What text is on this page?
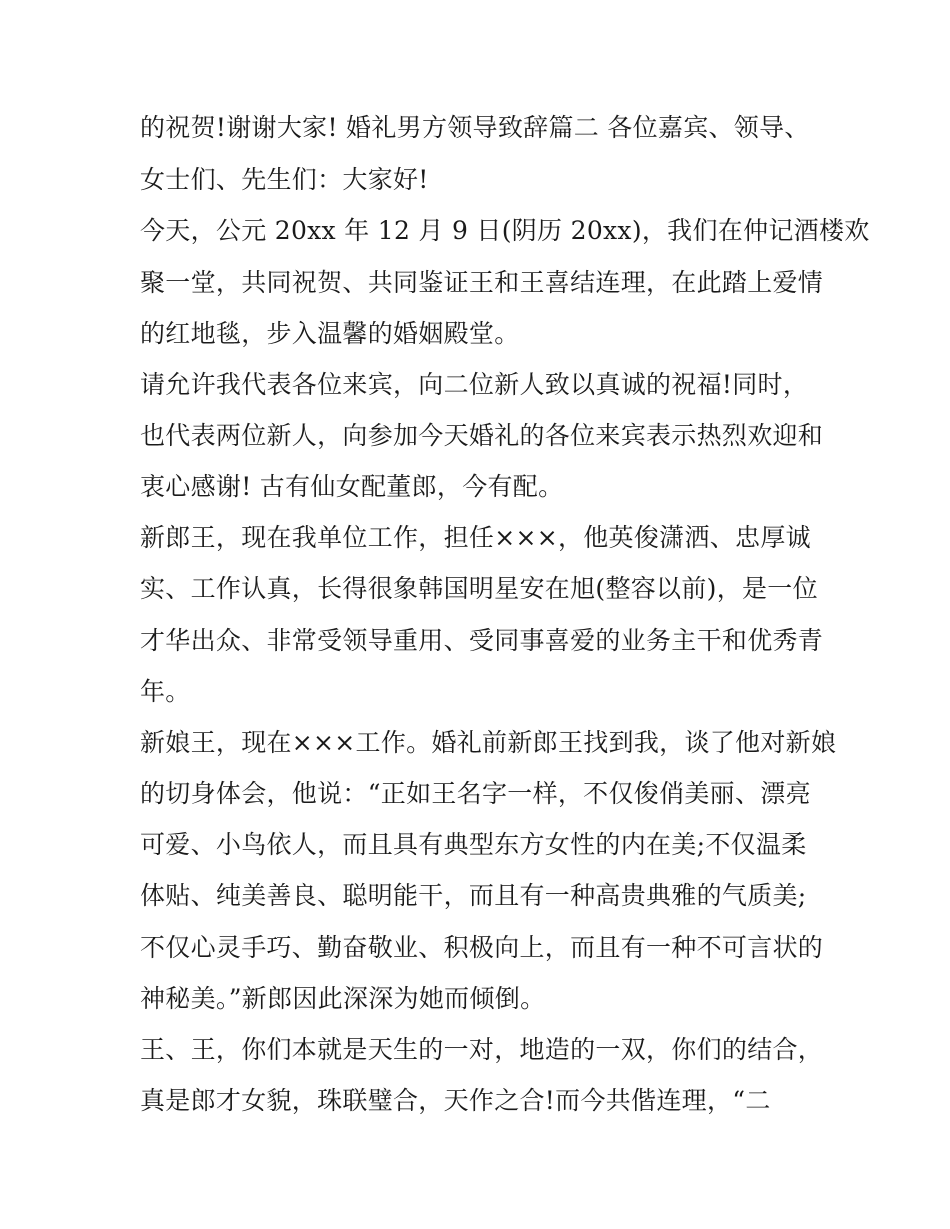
的祝贺!谢谢大家! 婚礼男方领导致辞篇二 各位嘉宾、领导、
女士们、先生们：大家好!
今天，公元 20xx 年 12 月 9 日(阴历 20xx)，我们在仲记酒楼欢
聚一堂，共同祝贺、共同鉴证王和王喜结连理，在此踏上爱情
的红地毯，步入温馨的婚姻殿堂。
请允许我代表各位来宾，向二位新人致以真诚的祝福!同时，
也代表两位新人，向参加今天婚礼的各位来宾表示热烈欢迎和
衷心感谢! 古有仙女配董郎，今有配。
新郎王，现在我单位工作，担任×××，他英俊潇洒、忠厚诚
实、工作认真，长得很象韩国明星安在旭(整容以前)，是一位
才华出众、非常受领导重用、受同事喜爱的业务主干和优秀青
年。
新娘王，现在×××工作。婚礼前新郎王找到我，谈了他对新娘
的切身体会，他说：“正如王名字一样，不仅俊俏美丽、漂亮
可爱、小鸟依人，而且具有典型东方女性的内在美;不仅温柔
体贴、纯美善良、聪明能干，而且有一种高贵典雅的气质美;
不仅心灵手巧、勤奋敬业、积极向上，而且有一种不可言状的
神秘美。”新郎因此深深为她而倾倒。
王、王，你们本就是天生的一对，地造的一双，你们的结合，
真是郎才女貌，珠联璧合，天作之合!而今共偕连理，“二
